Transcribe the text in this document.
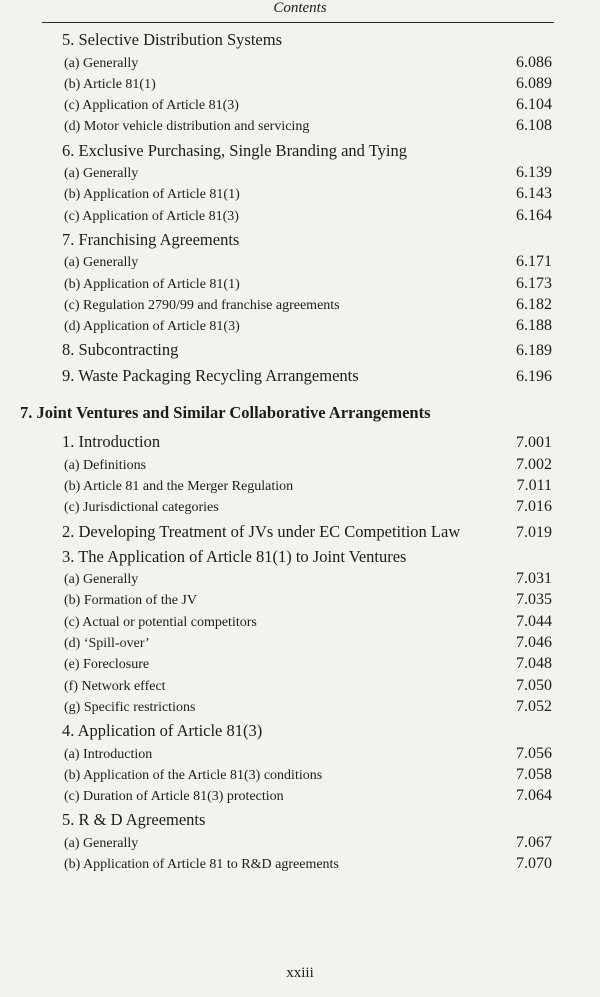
Contents
5. Selective Distribution Systems
(a) Generally	6.086
(b) Article 81(1)	6.089
(c) Application of Article 81(3)	6.104
(d) Motor vehicle distribution and servicing	6.108
6. Exclusive Purchasing, Single Branding and Tying
(a) Generally	6.139
(b) Application of Article 81(1)	6.143
(c) Application of Article 81(3)	6.164
7. Franchising Agreements
(a) Generally	6.171
(b) Application of Article 81(1)	6.173
(c) Regulation 2790/99 and franchise agreements	6.182
(d) Application of Article 81(3)	6.188
8. Subcontracting	6.189
9. Waste Packaging Recycling Arrangements	6.196
7. Joint Ventures and Similar Collaborative Arrangements
1. Introduction	7.001
(a) Definitions	7.002
(b) Article 81 and the Merger Regulation	7.011
(c) Jurisdictional categories	7.016
2. Developing Treatment of JVs under EC Competition Law	7.019
3. The Application of Article 81(1) to Joint Ventures
(a) Generally	7.031
(b) Formation of the JV	7.035
(c) Actual or potential competitors	7.044
(d) ‘Spill-over’	7.046
(e) Foreclosure	7.048
(f) Network effect	7.050
(g) Specific restrictions	7.052
4. Application of Article 81(3)
(a) Introduction	7.056
(b) Application of the Article 81(3) conditions	7.058
(c) Duration of Article 81(3) protection	7.064
5. R & D Agreements
(a) Generally	7.067
(b) Application of Article 81 to R&D agreements	7.070
xxiii
